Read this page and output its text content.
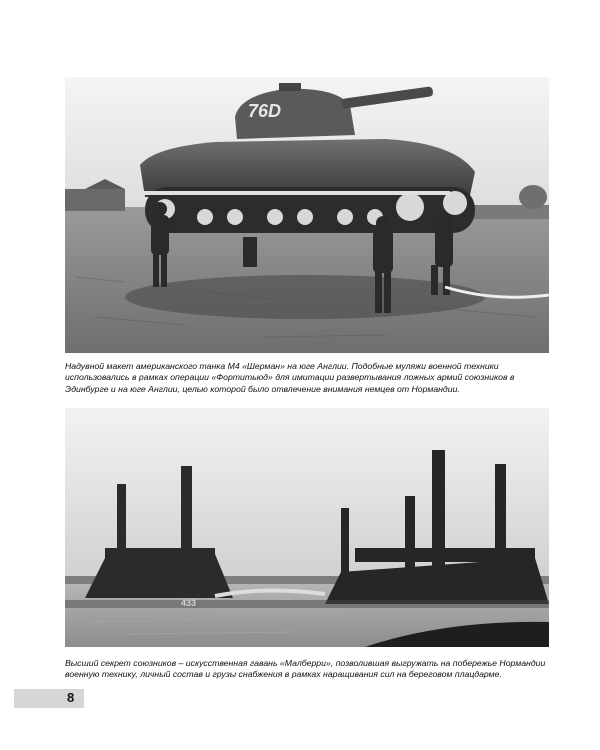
76D

Надувной макет американского танка М4 «Шерман» на юге Англии. Подобные муляжи военной техники использовались в рамках операции «Фортитьюд» для имитации развертывания ложных армий союзников в Эдинбурге и на юге Англии, целью которой было отвлечение внимания немцев от Нормандии.

433

Высший секрет союзников – искусственная гавань «Малберри», позволившая выгружать на побережье Нормандии военную технику, личный состав и грузы снабжения в рамках наращивания сил на береговом плацдарме.

8
